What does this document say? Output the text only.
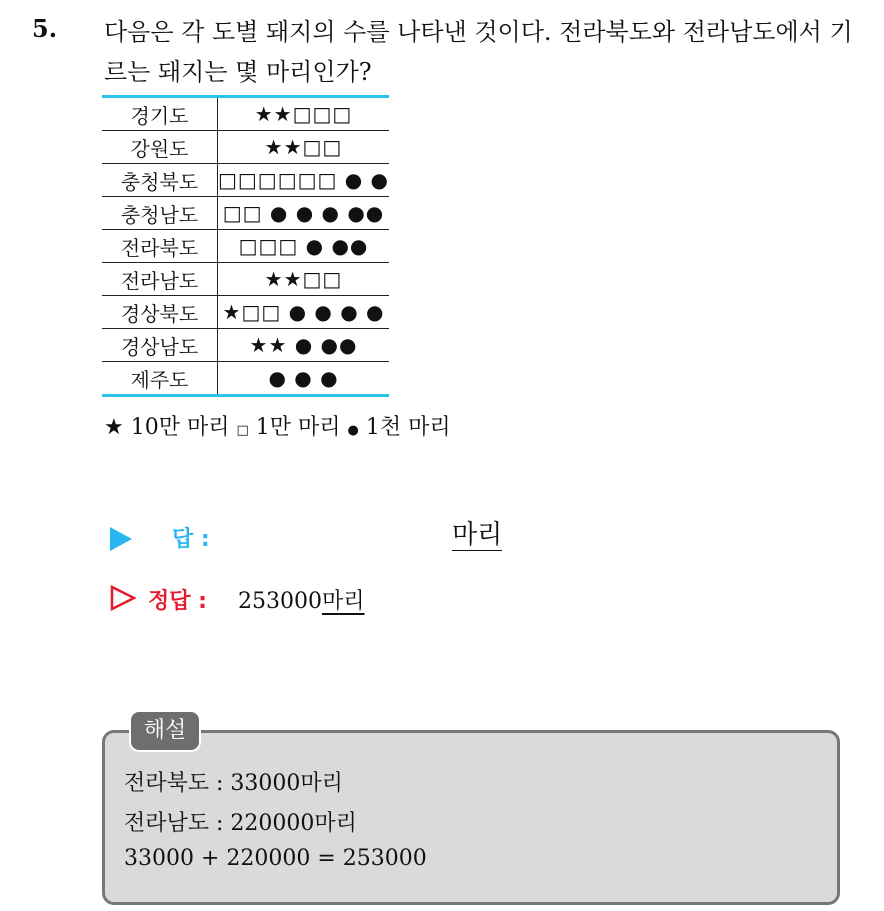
5. 다음은 각 도별 돼지의 수를 나타낸 것이다. 전라북도와 전라남도에서 기르는 돼지는 몇 마리인가?
경기도	★★□□□
강원도	★★□□
충청북도	□□□□□□ ● ●
충청남도	□□ ● ● ● ●●
전라북도	□□□ ● ●●
전라남도	★★□□
경상북도	★□□ ● ● ● ●
경상남도	★★ ● ●●
제주도	● ● ●
★ 10만 마리 □ 1만 마리 ● 1천 마리
답 :	마리
정답 : 253000마리
해설
전라북도 : 33000마리
전라남도 : 220000마리
33000 + 220000 = 253000
